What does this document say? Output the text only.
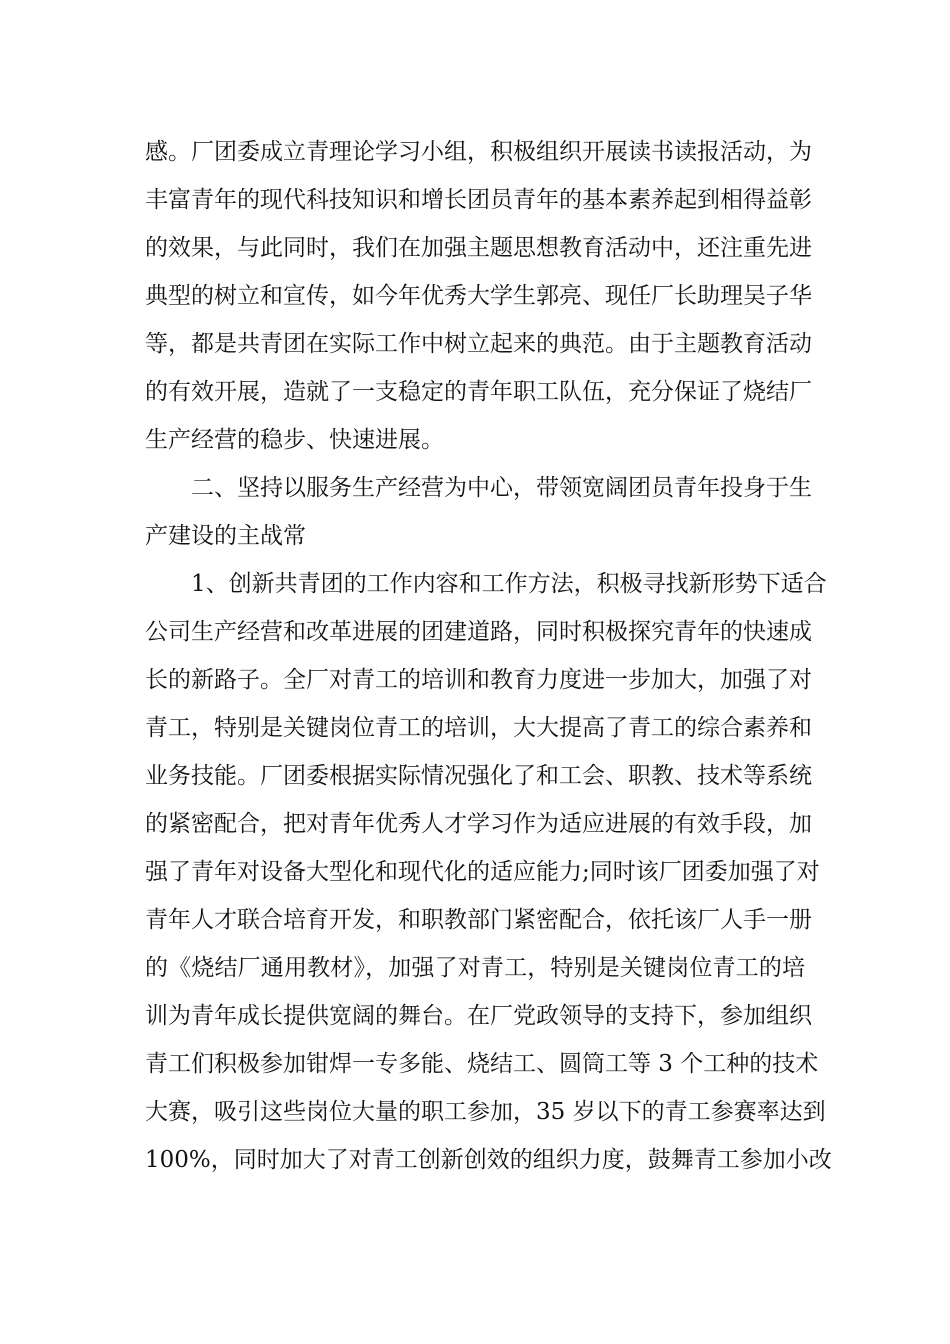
感。厂团委成立青理论学习小组，积极组织开展读书读报活动，为
丰富青年的现代科技知识和增长团员青年的基本素养起到相得益彰
的效果，与此同时，我们在加强主题思想教育活动中，还注重先进
典型的树立和宣传，如今年优秀大学生郭亮、现任厂长助理吴子华
等，都是共青团在实际工作中树立起来的典范。由于主题教育活动
的有效开展，造就了一支稳定的青年职工队伍，充分保证了烧结厂
生产经营的稳步、快速进展。
二、坚持以服务生产经营为中心，带领宽阔团员青年投身于生
产建设的主战常
1、创新共青团的工作内容和工作方法，积极寻找新形势下适合
公司生产经营和改革进展的团建道路，同时积极探究青年的快速成
长的新路子。全厂对青工的培训和教育力度进一步加大，加强了对
青工，特别是关键岗位青工的培训，大大提高了青工的综合素养和
业务技能。厂团委根据实际情况强化了和工会、职教、技术等系统
的紧密配合，把对青年优秀人才学习作为适应进展的有效手段，加
强了青年对设备大型化和现代化的适应能力;同时该厂团委加强了对
青年人才联合培育开发，和职教部门紧密配合，依托该厂人手一册
的《烧结厂通用教材》，加强了对青工，特别是关键岗位青工的培
训为青年成长提供宽阔的舞台。在厂党政领导的支持下，参加组织
青工们积极参加钳焊一专多能、烧结工、圆筒工等 3 个工种的技术
大赛，吸引这些岗位大量的职工参加，35 岁以下的青工参赛率达到
100%，同时加大了对青工创新创效的组织力度，鼓舞青工参加小改
